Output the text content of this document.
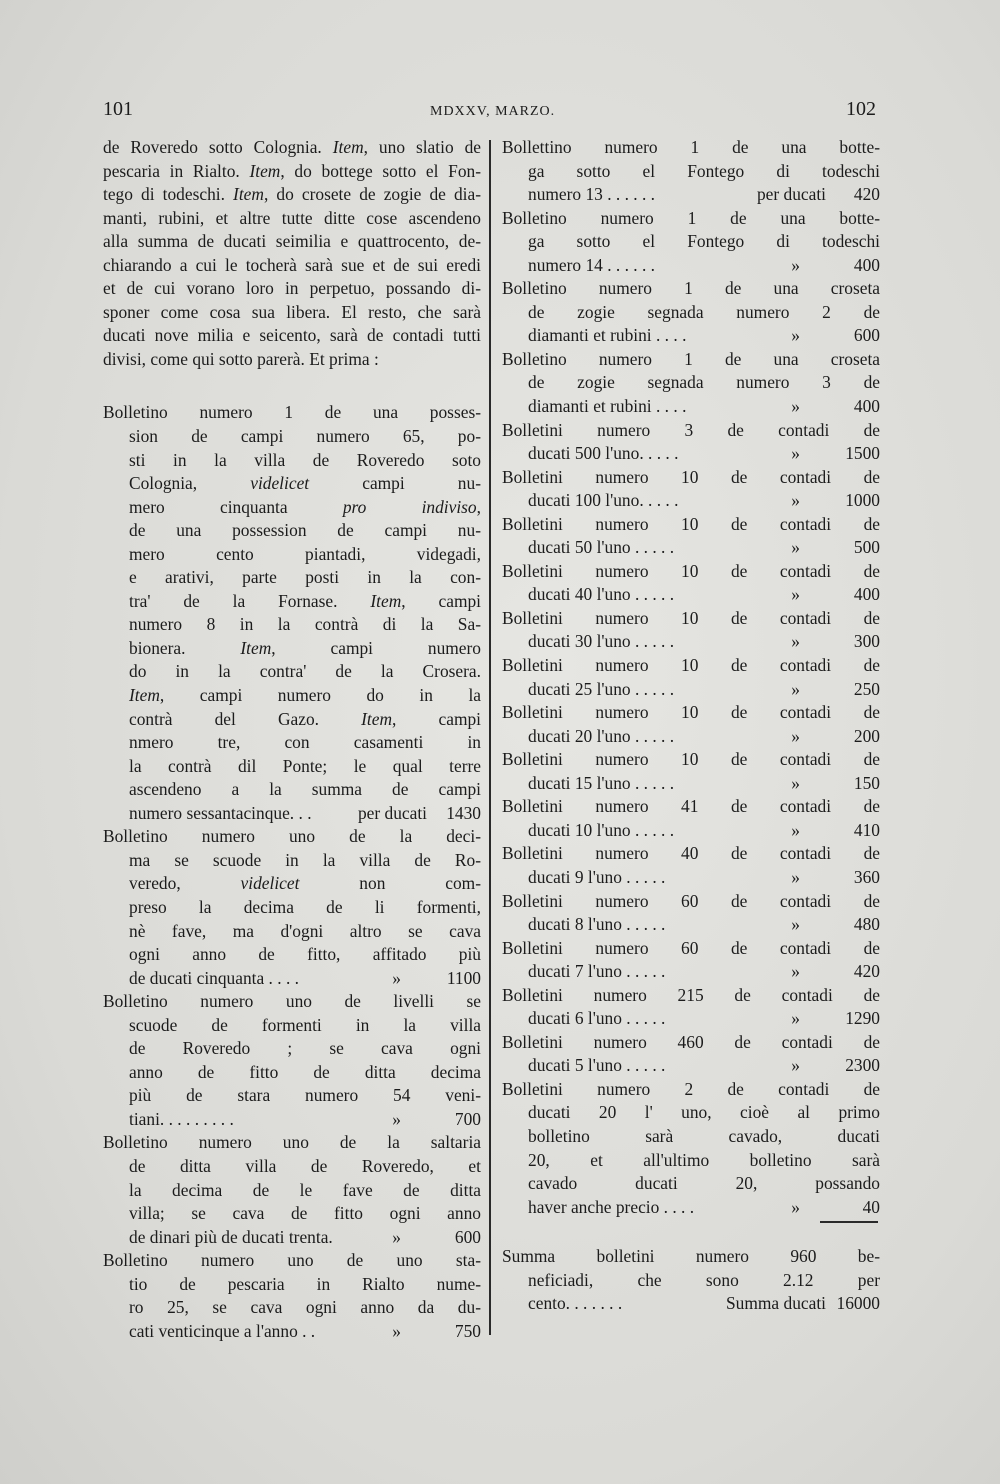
101	MDXXV, MARZO.	102
de Roveredo sotto Colognia. Item, uno slatio de
pescaria in Rialto. Item, do bottege sotto el Fon-
tego di todeschi. Item, do crosete de zogie de dia-
manti, rubini, et altre tutte ditte cose ascendeno
alla summa de ducati seimilia e quattrocento, de-
chiarando a cui le tocherà sarà sue et de sui eredi
et de cui vorano loro in perpetuo, possando di-
sponer come cosa sua libera. El resto, che sarà
ducati nove milia e seicento, sarà de contadi tutti
divisi, come qui sotto parerà. Et prima :
Bolletino numero 1 de una posses-
sion de campi numero 65, po-
sti in la villa de Roveredo soto
Colognia, videlicet campi nu-
mero cinquanta pro indiviso,
de una possession de campi nu-
mero cento piantadi, videgadi,
e arativi, parte posti in la con-
tra' de la Fornase. Item, campi
numero 8 in la contrà di la Sa-
bionera. Item, campi numero
do in la contra' de la Crosera.
Item, campi numero do in la
contrà del Gazo. Item, campi
nmero tre, con casamenti in
la contrà dil Ponte; le qual terre
ascendeno a la summa de campi
numero sessantacinque. . .	per ducati 1430
Bolletino numero uno de la deci-
ma se scuode in la villa de Ro-
veredo, videlicet non com-
preso la decima de li formenti,
nè fave, ma d'ogni altro se cava
ogni anno de fitto, affitado più
de ducati cinquanta . . . .	»	1100
Bolletino numero uno de livelli se
scuode de formenti in la villa
de Roveredo ; se cava ogni
anno de fitto de ditta decima
più de stara numero 54 veni-
tiani. . . . . . . . .	»	700
Bolletino numero uno de la saltaria
de ditta villa de Roveredo, et
la decima de le fave de ditta
villa; se cava de fitto ogni anno
de dinari più de ducati trenta.	»	600
Bolletino numero uno de uno sta-
tio de pescaria in Rialto nume-
ro 25, se cava ogni anno da du-
cati venticinque a l'anno . .	»	750
Bollettino numero 1 de una botte-
ga sotto el Fontego di todeschi
numero 13 . . . . . .	per ducati 420
Bolletino numero 1 de una botte-
ga sotto el Fontego di todeschi
numero 14 . . . . . .	»	400
Bolletino numero 1 de una croseta
de zogie segnada numero 2 de
diamanti et rubini . . . .	»	600
Bolletino numero 1 de una croseta
de zogie segnada numero 3 de
diamanti et rubini . . . .	»	400
Bolletini numero 3 de contadi de
ducati 500 l'uno. . . . .	»	1500
Bolletini numero 10 de contadi de
ducati 100 l'uno. . . . .	»	1000
Bolletini numero 10 de contadi de
ducati 50 l'uno . . . . .	»	500
Bolletini numero 10 de contadi de
ducati 40 l'uno . . . . .	»	400
Bolletini numero 10 de contadi de
ducati 30 l'uno . . . . .	»	300
Bolletini numero 10 de contadi de
ducati 25 l'uno . . . . .	»	250
Bolletini numero 10 de contadi de
ducati 20 l'uno . . . . .	»	200
Bolletini numero 10 de contadi de
ducati 15 l'uno . . . . .	»	150
Bolletini numero 41 de contadi de
ducati 10 l'uno . . . . .	»	410
Bolletini numero 40 de contadi de
ducati 9 l'uno . . . . .	»	360
Bolletini numero 60 de contadi de
ducati 8 l'uno . . . . .	»	480
Bolletini numero 60 de contadi de
ducati 7 l'uno . . . . .	»	420
Bolletini numero 215 de contadi de
ducati 6 l'uno . . . . .	»	1290
Bolletini numero 460 de contadi de
ducati 5 l'uno . . . . .	»	2300
Bolletini numero 2 de contadi de
ducati 20 l' uno, cioè al primo
bolletino sarà cavado, ducati
20, et all'ultimo bolletino sarà
cavado ducati 20, possando
haver anche precio . . . .	»	40
Summa bolletini numero 960 be-
neficiadi, che sono 2.12 per
cento. . . . . . .	Summa ducati 16000
